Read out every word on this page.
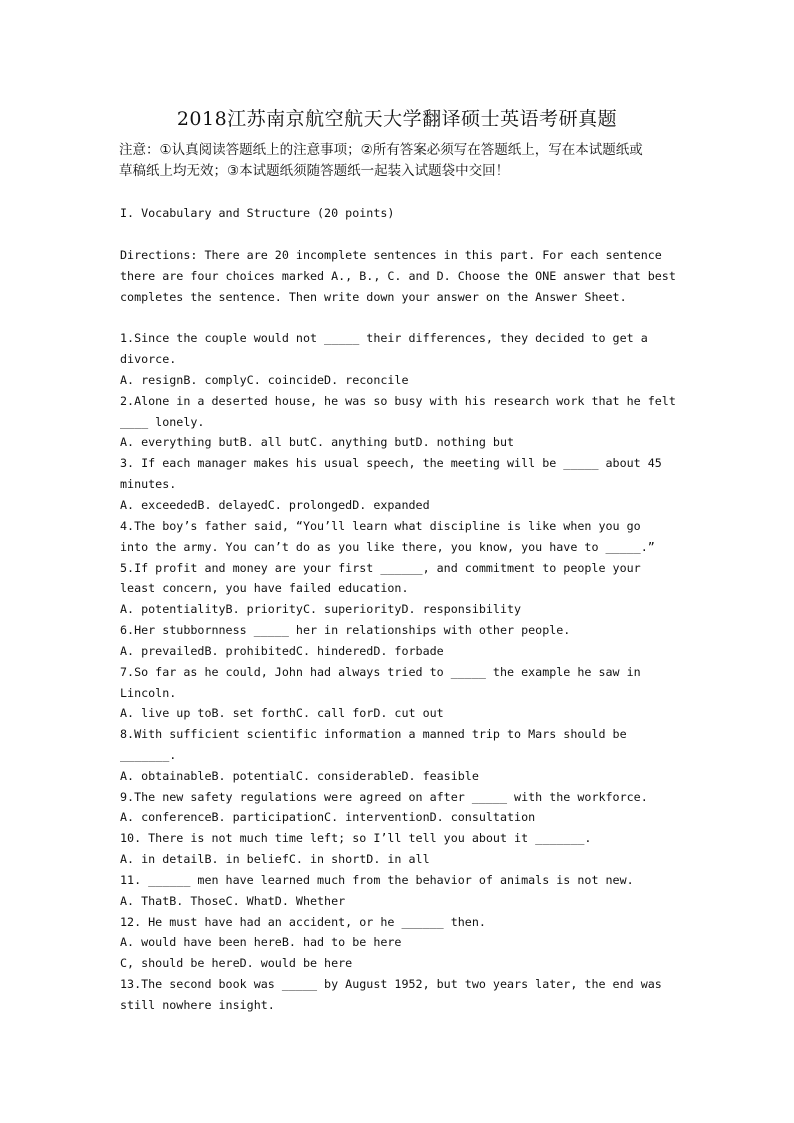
2018江苏南京航空航天大学翻译硕士英语考研真题
注意：①认真阅读答题纸上的注意事项；②所有答案必须写在答题纸上，写在本试题纸或
草稿纸上均无效；③本试题纸须随答题纸一起装入试题袋中交回！
I. Vocabulary and Structure (20 points)
Directions: There are 20 incomplete sentences in this part. For each sentence
there are four choices marked A., B., C. and D. Choose the ONE answer that best
completes the sentence. Then write down your answer on the Answer Sheet.
1.Since the couple would not _____ their differences, they decided to get a
divorce.
A. resignB. complyC. coincideD. reconcile
2.Alone in a deserted house, he was so busy with his research work that he felt
____ lonely.
A. everything butB. all butC. anything butD. nothing but
3. If each manager makes his usual speech, the meeting will be _____ about 45
minutes.
A. exceededB. delayedC. prolongedD. expanded
4.The boy’s father said, “You’ll learn what discipline is like when you go
into the army. You can’t do as you like there, you know, you have to _____.”
5.If profit and money are your first ______, and commitment to people your
least concern, you have failed education.
A. potentialityB. priorityC. superiorityD. responsibility
6.Her stubbornness _____ her in relationships with other people.
A. prevailedB. prohibitedC. hinderedD. forbade
7.So far as he could, John had always tried to _____ the example he saw in
Lincoln.
A. live up toB. set forthC. call forD. cut out
8.With sufficient scientific information a manned trip to Mars should be
_______.
A. obtainableB. potentialC. considerableD. feasible
9.The new safety regulations were agreed on after _____ with the workforce.
A. conferenceB. participationC. interventionD. consultation
10. There is not much time left; so I’ll tell you about it _______.
A. in detailB. in beliefC. in shortD. in all
11. ______ men have learned much from the behavior of animals is not new.
A. ThatB. ThoseC. WhatD. Whether
12. He must have had an accident, or he ______ then.
A. would have been hereB. had to be here
C, should be hereD. would be here
13.The second book was _____ by August 1952, but two years later, the end was
still nowhere insight.
